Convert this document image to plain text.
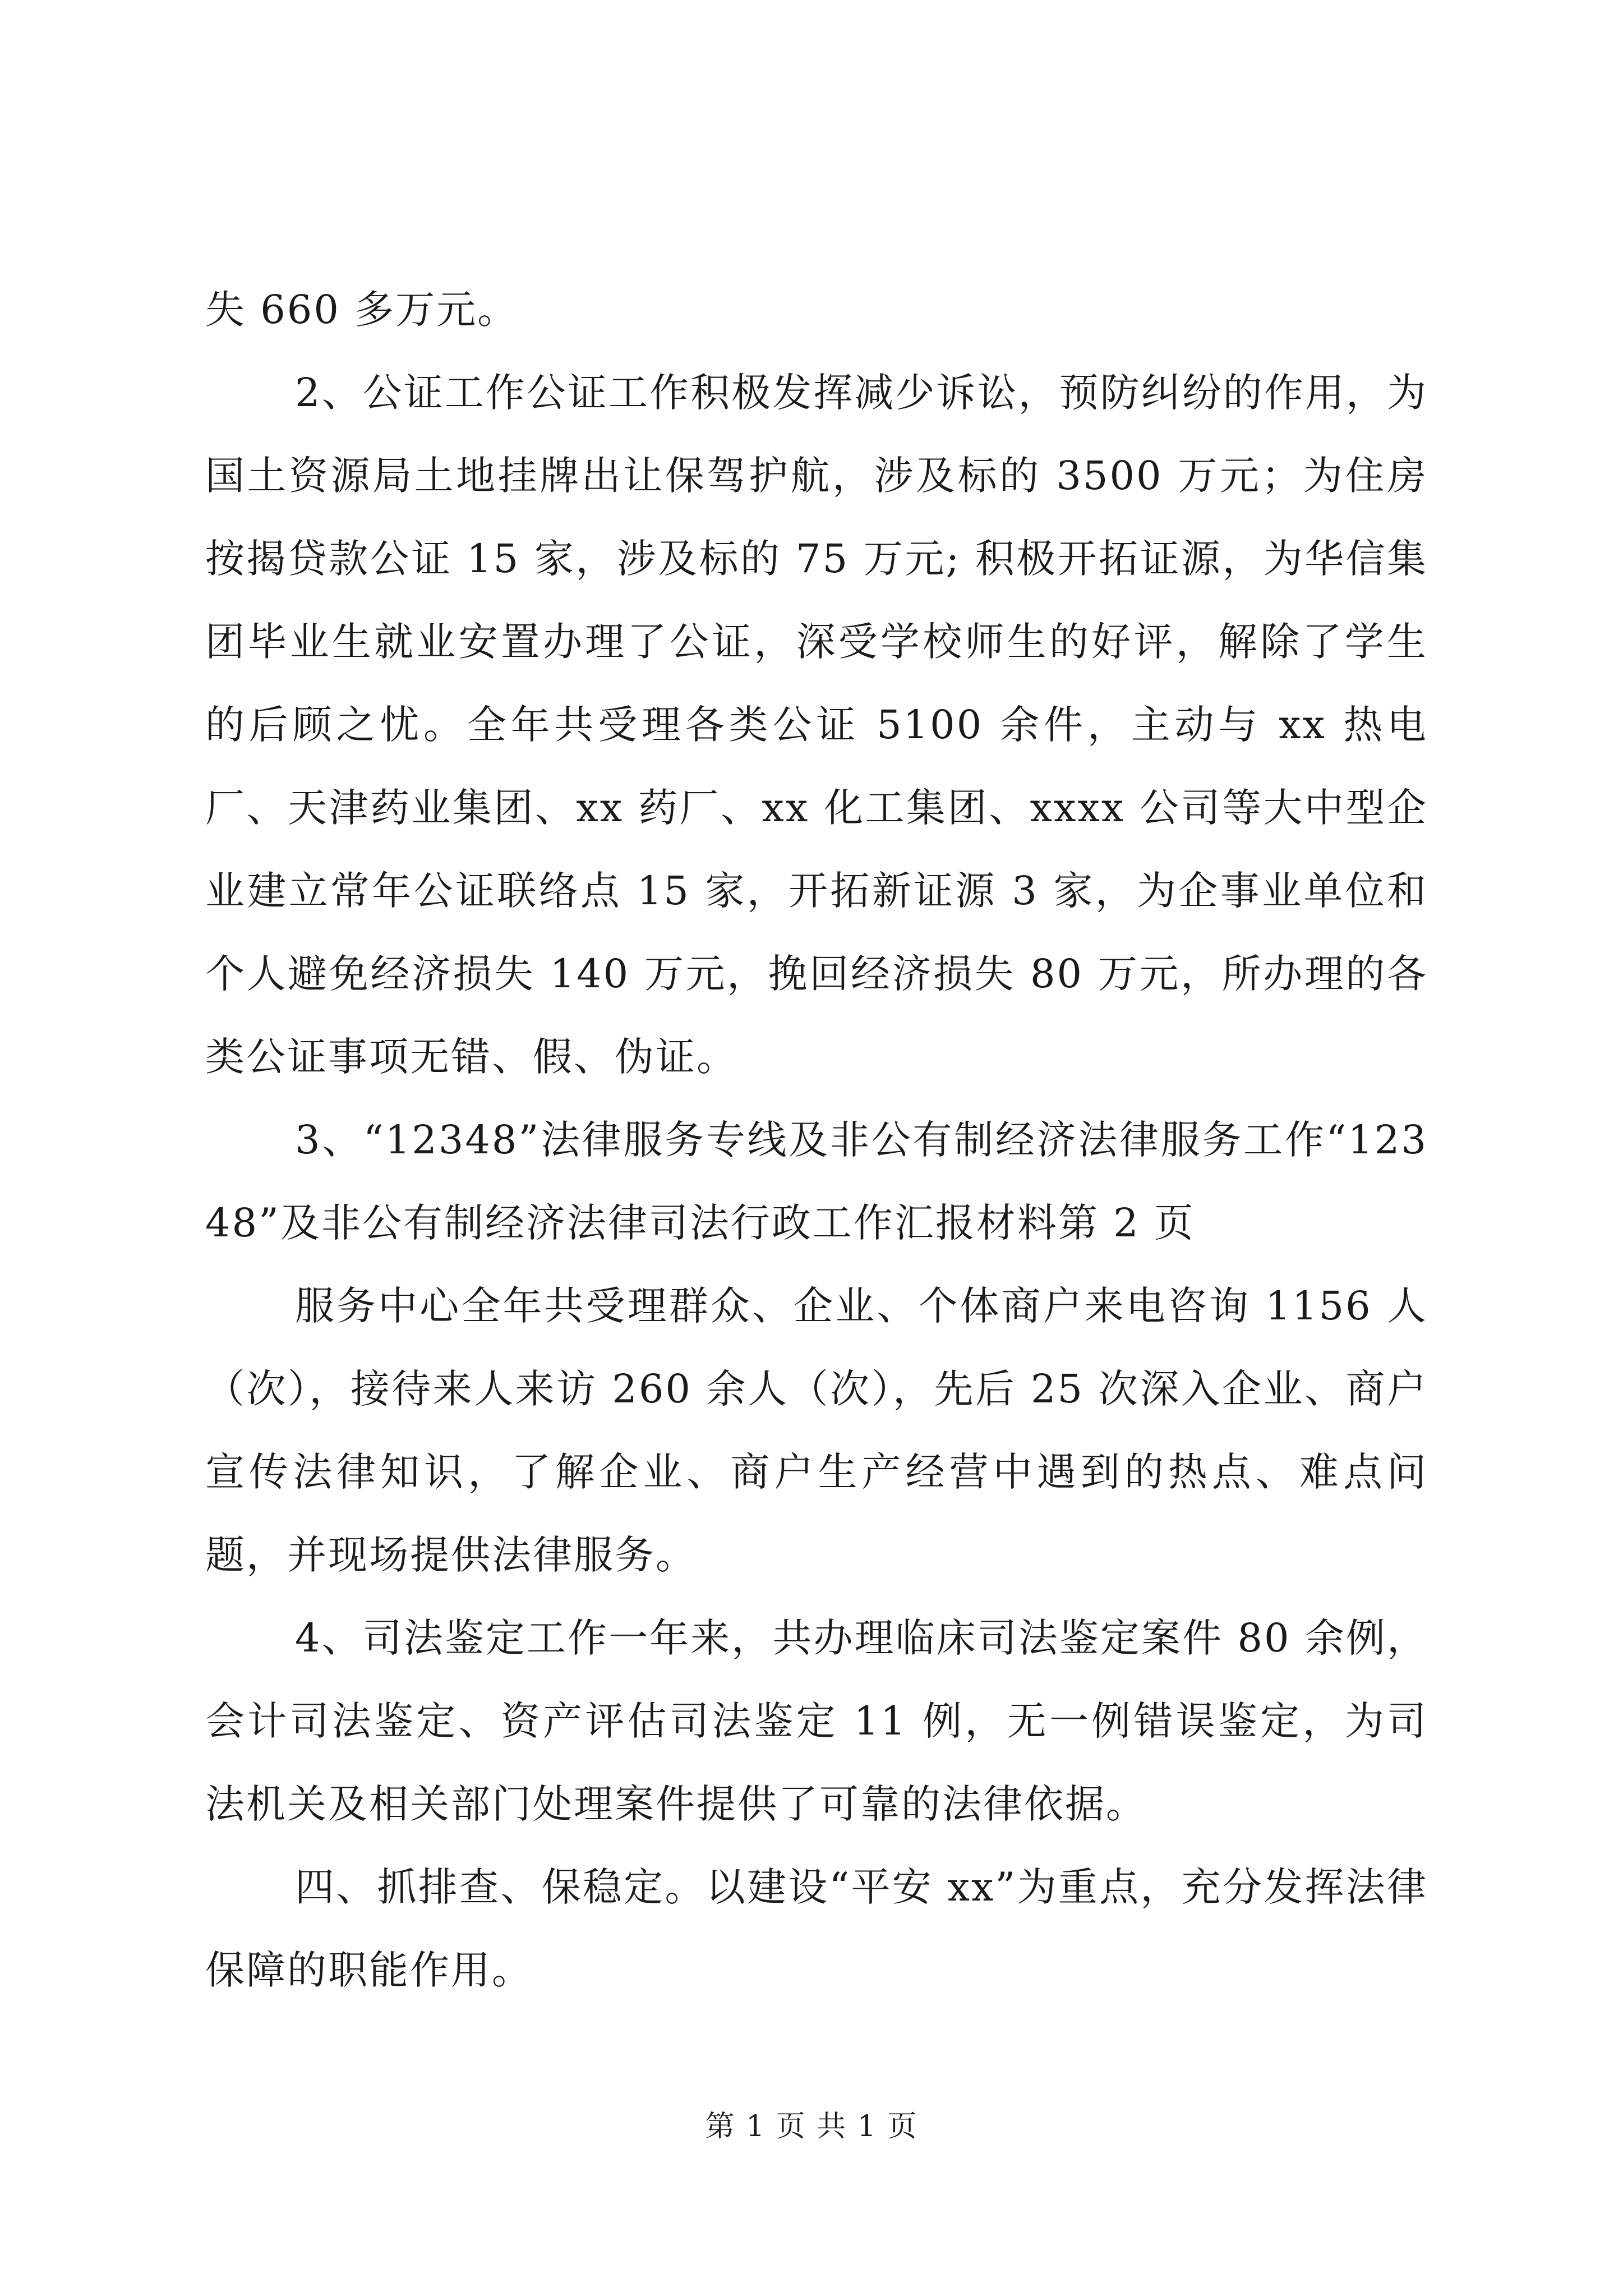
失 660 多万元。

2、公证工作公证工作积极发挥减少诉讼，预防纠纷的作用，为国土资源局土地挂牌出让保驾护航，涉及标的 3500 万元；为住房按揭贷款公证 15 家，涉及标的 75 万元; 积极开拓证源，为华信集团毕业生就业安置办理了公证，深受学校师生的好评，解除了学生的后顾之忧。全年共受理各类公证 5100 余件，主动与 xx 热电厂、天津药业集团、xx 药厂、xx 化工集团、xxxx 公司等大中型企业建立常年公证联络点 15 家，开拓新证源 3 家，为企事业单位和个人避免经济损失 140 万元，挽回经济损失 80 万元，所办理的各类公证事项无错、假、伪证。

3、“12348”法律服务专线及非公有制经济法律服务工作“12348”及非公有制经济法律司法行政工作汇报材料第 2 页

服务中心全年共受理群众、企业、个体商户来电咨询 1156 人（次），接待来人来访 260 余人（次），先后 25 次深入企业、商户宣传法律知识，了解企业、商户生产经营中遇到的热点、难点问题，并现场提供法律服务。

4、司法鉴定工作一年来，共办理临床司法鉴定案件 80 余例，会计司法鉴定、资产评估司法鉴定 11 例，无一例错误鉴定，为司法机关及相关部门处理案件提供了可靠的法律依据。

四、抓排查、保稳定。以建设“平安 xx”为重点，充分发挥法律保障的职能作用。

第 1 页 共 1 页
